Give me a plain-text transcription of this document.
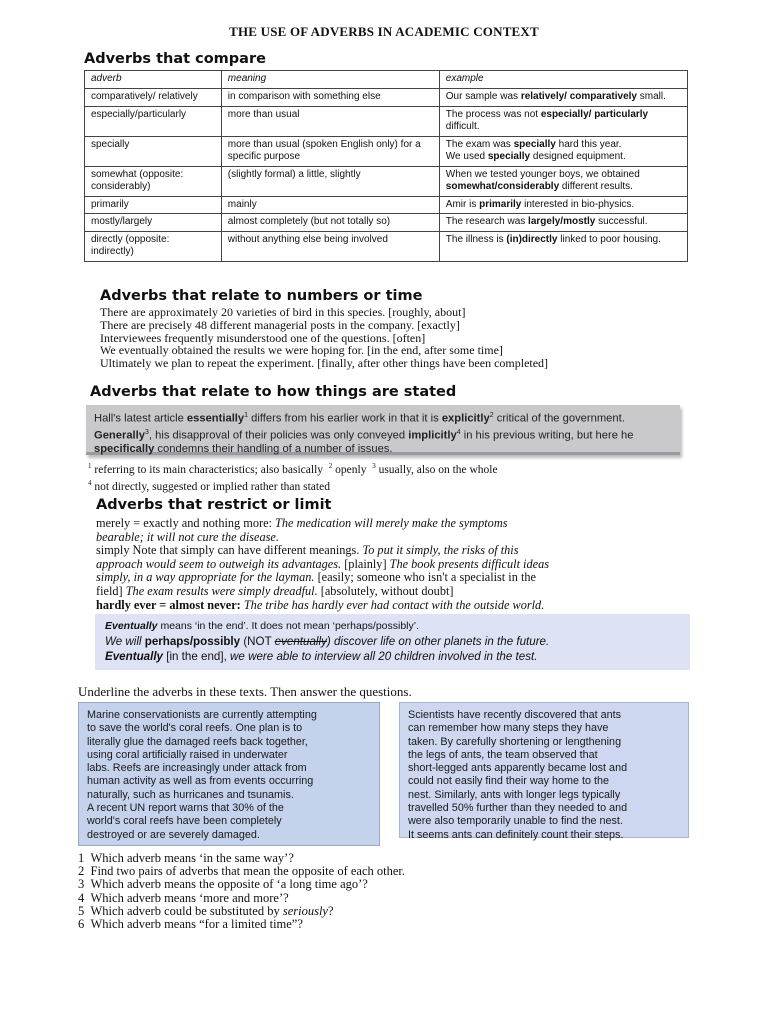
THE USE OF ADVERBS IN ACADEMIC CONTEXT
Adverbs that compare
adverb	meaning	example
comparatively/ relatively	in comparison with something else	Our sample was relatively/ comparatively small.
especially/particularly	more than usual	The process was not especially/ particularly difficult.
specially	more than usual (spoken English only) for a specific purpose	The exam was specially hard this year.
We used specially designed equipment.
somewhat (opposite: considerably)	(slightly formal) a little, slightly	When we tested younger boys, we obtained somewhat/considerably different results.
primarily	mainly	Amir is primarily interested in bio-physics.
mostly/largely	almost completely (but not totally so)	The research was largely/mostly successful.
directly (opposite: indirectly)	without anything else being involved	The illness is (in)directly linked to poor housing.
Adverbs that relate to numbers or time
There are approximately 20 varieties of bird in this species. [roughly, about]
There are precisely 48 different managerial posts in the company. [exactly]
Interviewees frequently misunderstood one of the questions. [often]
We eventually obtained the results we were hoping for. [in the end, after some time]
Ultimately we plan to repeat the experiment. [finally, after other things have been completed]
Adverbs that relate to how things are stated
Hall's latest article essentially$^1$ differs from his earlier work in that it is explicitly$^2$ critical of the government. Generally$^3$, his disapproval of their policies was only conveyed implicitly$^4$ in his previous writing, but here he specifically condemns their handling of a number of issues.
$^1$ referring to its main characteristics; also basically $^2$ openly $^3$ usually, also on the whole
$^4$ not directly, suggested or implied rather than stated
Adverbs that restrict or limit
merely = exactly and nothing more: The medication will merely make the symptoms
bearable; it will not cure the disease.
simply Note that simply can have different meanings. To put it simply, the risks of this
approach would seem to outweigh its advantages. [plainly] The book presents difficult ideas
simply, in a way appropriate for the layman. [easily; someone who isn't a specialist in the
field] The exam results were simply dreadful. [absolutely, without doubt]
hardly ever = almost never: The tribe has hardly ever had contact with the outside world.
Eventually means ‘in the end’. It does not mean ‘perhaps/possibly’.
We will perhaps/possibly (NOT eventually) discover life on other planets in the future.
Eventually [in the end], we were able to interview all 20 children involved in the test.
Underline the adverbs in these texts. Then answer the questions.
Marine conservationists are currently attempting
to save the world's coral reefs. One plan is to
literally glue the damaged reefs back together,
using coral artificially raised in underwater
labs. Reefs are increasingly under attack from
human activity as well as from events occurring
naturally, such as hurricanes and tsunamis.
A recent UN report warns that 30% of the
world's coral reefs have been completely
destroyed or are severely damaged.
Scientists have recently discovered that ants
can remember how many steps they have
taken. By carefully shortening or lengthening
the legs of ants, the team observed that
short-legged ants apparently became lost and
could not easily find their way home to the
nest. Similarly, ants with longer legs typically
travelled 50% further than they needed to and
were also temporarily unable to find the nest.
It seems ants can definitely count their steps.
1 Which adverb means ‘in the same way’?
2 Find two pairs of adverbs that mean the opposite of each other.
3 Which adverb means the opposite of ‘a long time ago’?
4 Which adverb means ‘more and more’?
5 Which adverb could be substituted by seriously?
6 Which adverb means “for a limited time”?
